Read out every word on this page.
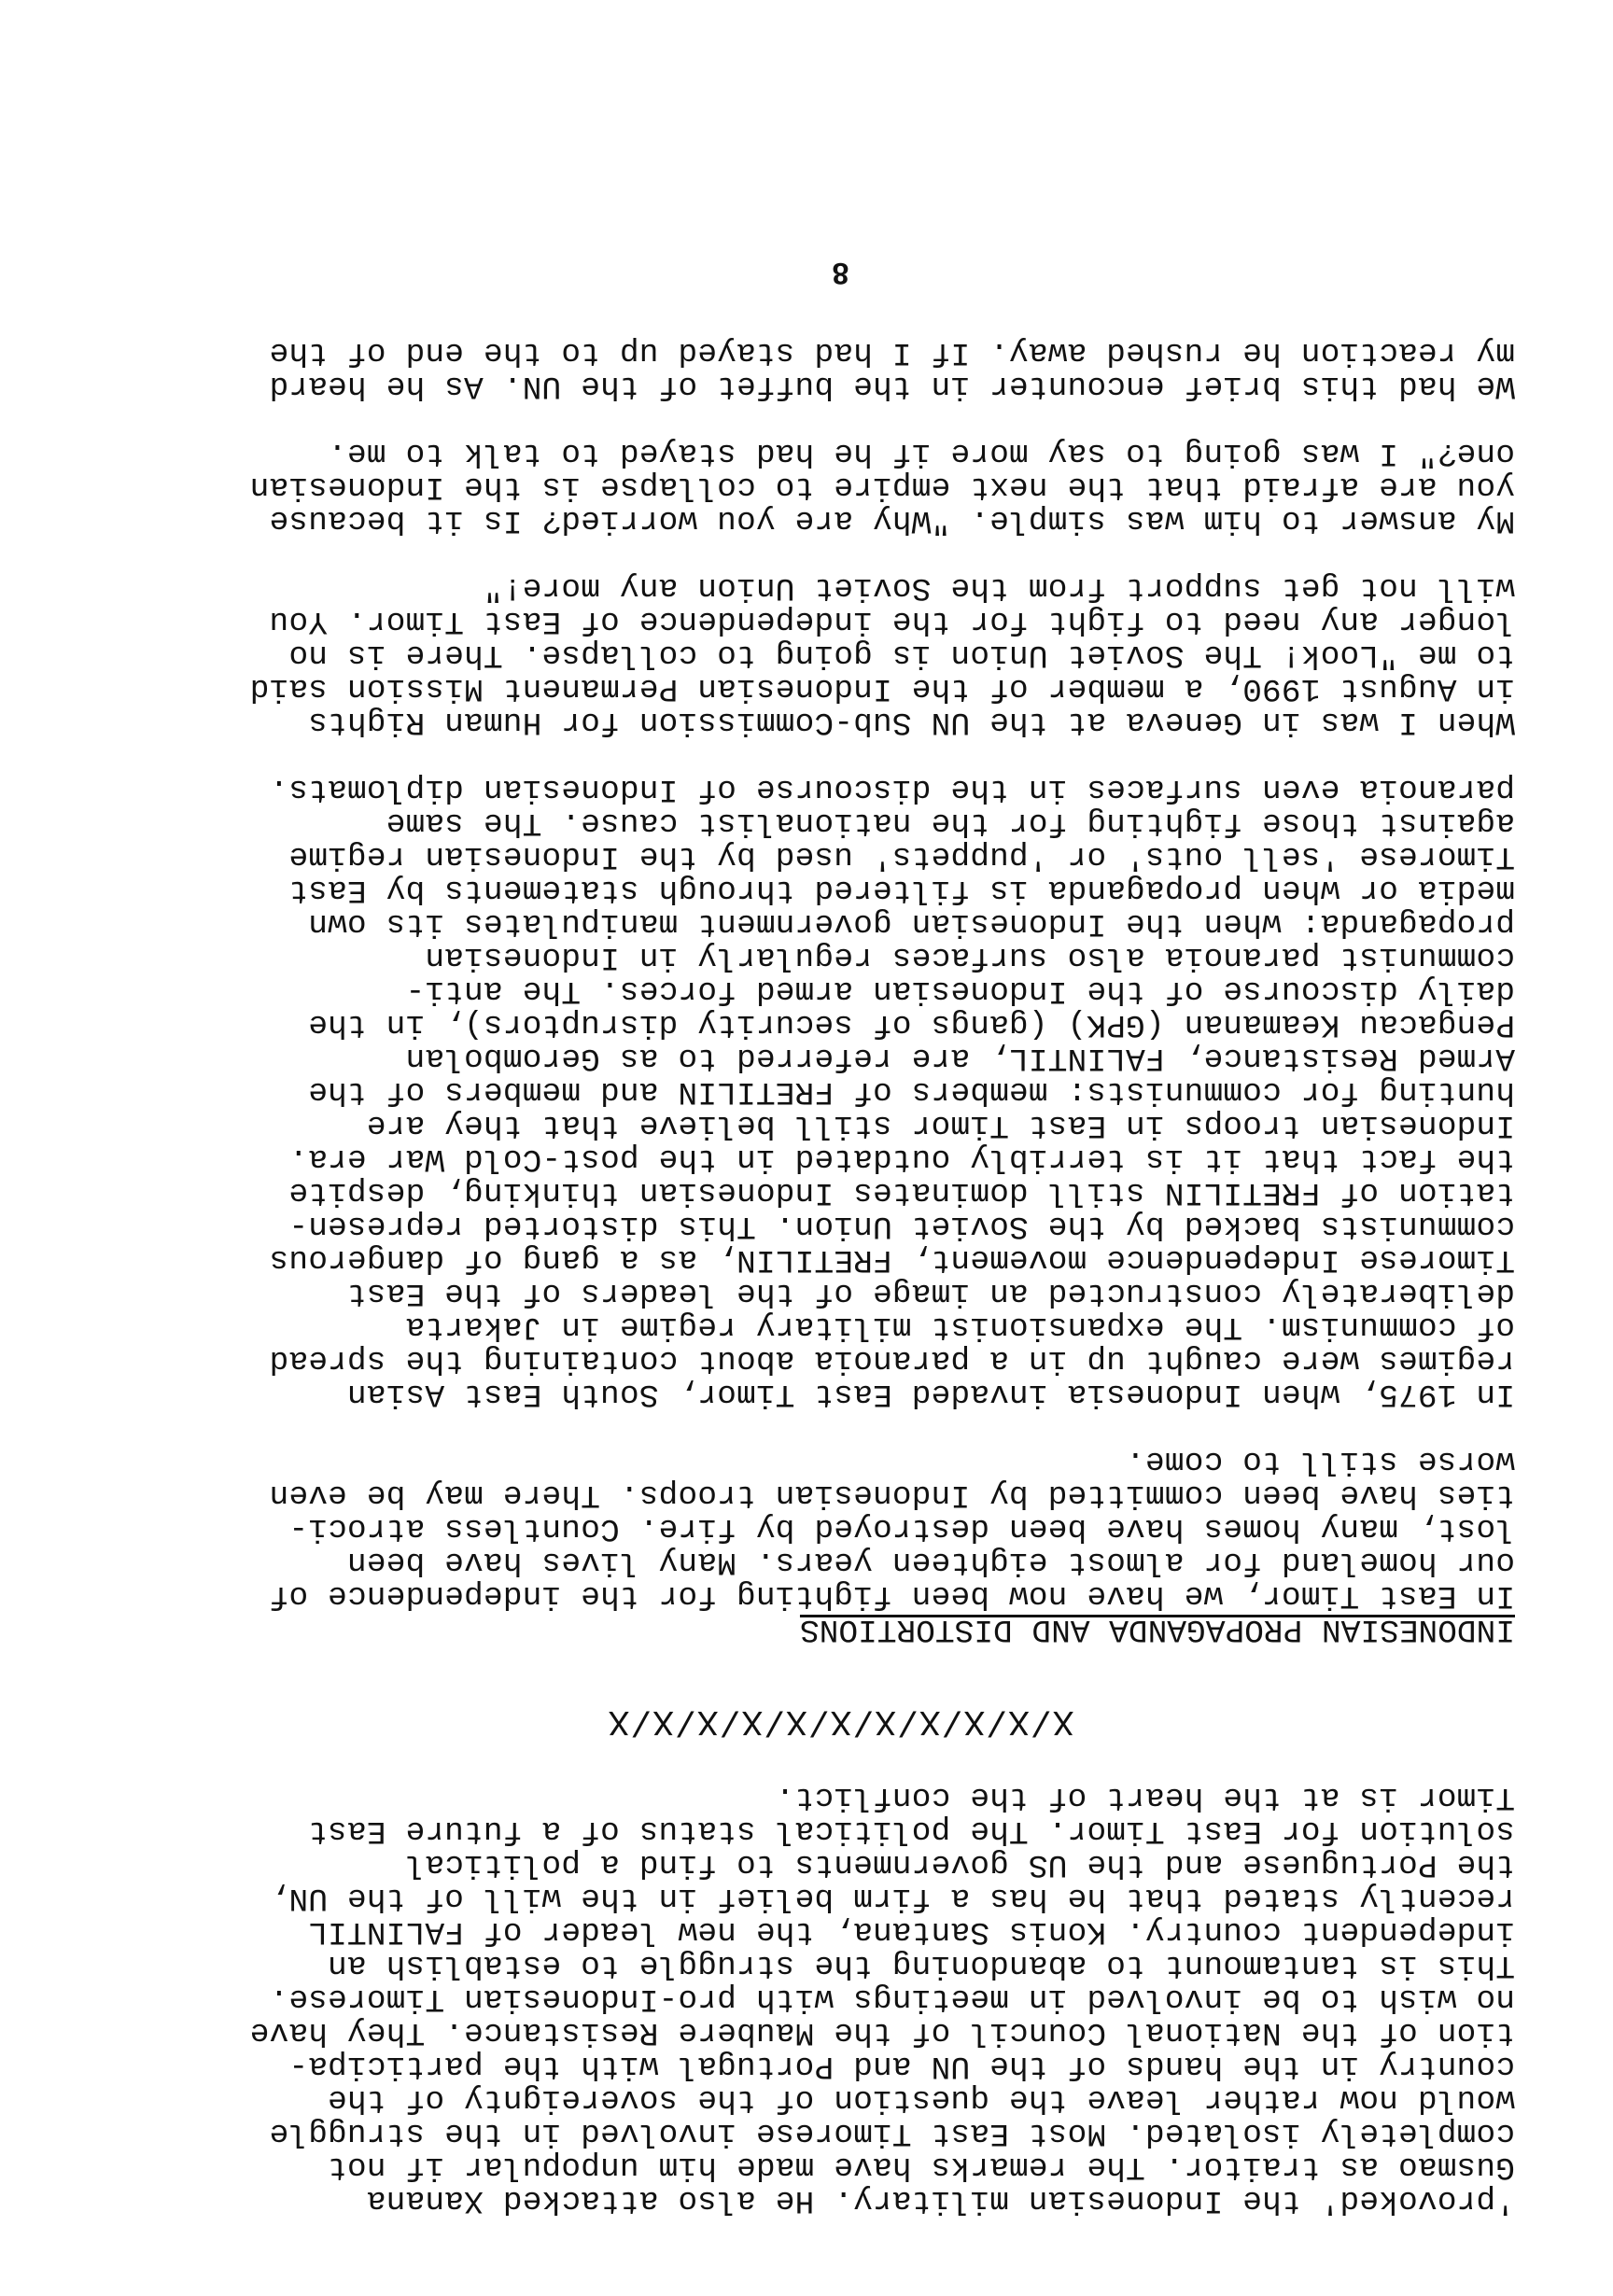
'provoked' the Indonesian military. He also attacked Xanana
Gusmao as traitor. The remarks have made him unpopular if not
completely isolated. Most East Timorese involved in the struggle
would now rather leave the question of the sovereignty of the
country in the hands of the UN and Portugal with the participa-
tion of the National Council of the Maubere Resistance. They have
no wish to be involved in meetings with pro-Indonesian Timorese.
This is tantamount to abandoning the struggle to establish an
independent country. Konis Santana, the new leader of FALINTIL
recently stated that he has a firm belief in the will of the UN,
the Portuguese and the US governments to find a political
solution for East Timor. The political status of a future East
Timor is at the heart of the conflict.
X/X/X/X/X/X/X/X/X/X/X
INDONESIAN PROPAGANDA AND DISTORTIONS
In East Timor, we have now been fighting for the independence of
our homeland for almost eighteen years. Many lives have been
lost, many homes have been destroyed by fire. Countless atroci-
ties have been committed by Indonesian troops. There may be even
worse still to come.
In 1975, when Indonesia invaded East Timor, South East Asian
regimes were caught up in a paranoia about containing the spread
of communism. The expansionist military regime in Jakarta
deliberately constructed an image of the leaders of the East
Timorese Independence movement, FRETILIN, as a gang of dangerous
communists backed by the Soviet Union. This distorted represen-
tation of FRETILIN still dominates Indonesian thinking, despite
the fact that it is terribly outdated in the post-Cold War era.
Indonesian troops in East Timor still believe that they are
hunting for communists: members of FRETILIN and members of the
Armed Resistance, FALINTIL, are referred to as Gerombolan
Pengacau Keamanan (GPK) (gangs of security disruptors), in the
daily discourse of the Indonesian armed forces. The anti-
communist paranoia also surfaces regularly in Indonesian
propaganda: when the Indonesian government manipulates its own
media or when propaganda is filtered through statements by East
Timorese 'sell outs' or 'puppets' used by the Indonesian regime
against those fighting for the nationalist cause. The same
paranoia even surfaces in the discourse of Indonesian diplomats.
When I was in Geneva at the UN Sub-Commission for Human Rights
in August 1990, a member of the Indonesian Permanent Mission said
to me "Look! The Soviet Union is going to collapse. There is no
longer any need to fight for the independence of East Timor. You
will not get support from the Soviet Union any more!"
My answer to him was simple. "Why are you worried? Is it because
you are afraid that the next empire to collapse is the Indonesian
one?" I was going to say more if he had stayed to talk to me.
We had this brief encounter in the buffet of the UN. As he heard
my reaction he rushed away. If I had stayed up to the end of the
8
